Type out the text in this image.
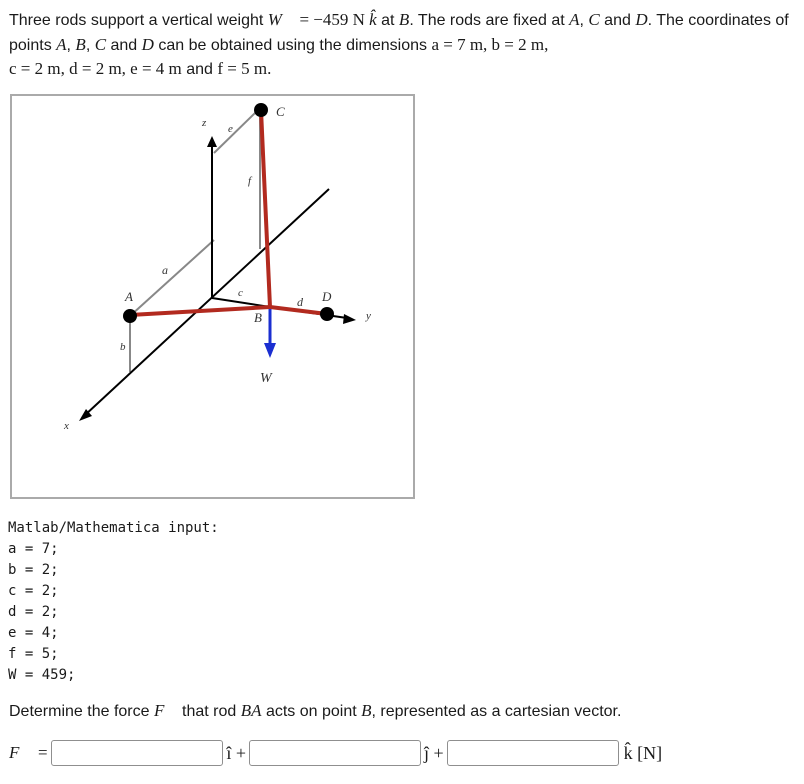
Three rods support a vertical weight W⃗ = −459 N k̂ at B. The rods are fixed at A, C and D. The coordinates of points A, B, C and D can be obtained using the dimensions a = 7 m, b = 2 m,
c = 2 m, d = 2 m, e = 4 m and f = 5 m.
A
B
C
D
x
y
z
a
b
c
d
e
f
W⃗
Matlab/Mathematica input:
a = 7;
b = 2;
c = 2;
d = 2;
e = 4;
f = 5;
W = 459;
Determine the force F⃗ that rod BA acts on point B, represented as a cartesian vector.
F⃗ =	î +	ĵ +	k̂ [N]
